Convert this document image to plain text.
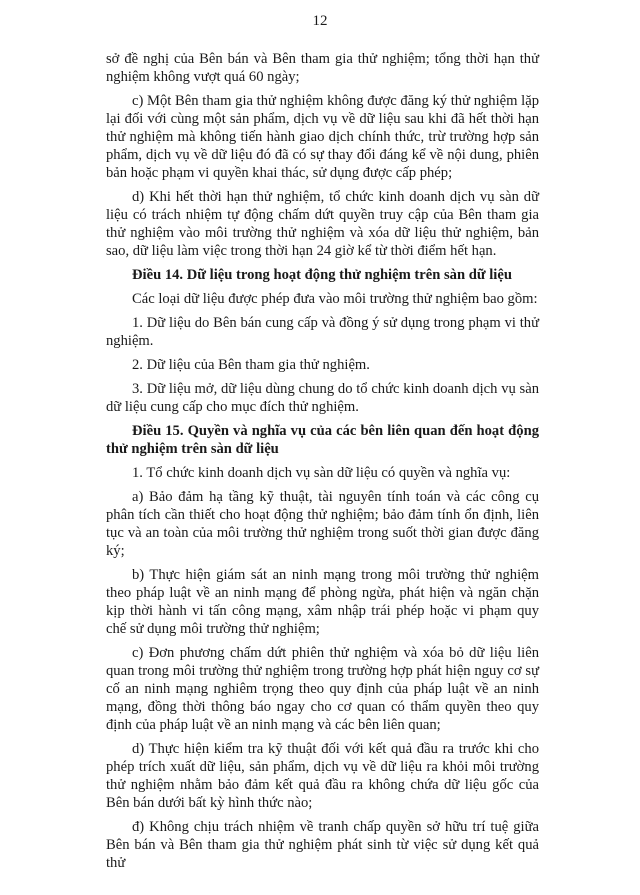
12

sở đề nghị của Bên bán và Bên tham gia thử nghiệm; tổng thời hạn thử nghiệm không vượt quá 60 ngày;

c) Một Bên tham gia thử nghiệm không được đăng ký thử nghiệm lặp lại đối với cùng một sản phẩm, dịch vụ về dữ liệu sau khi đã hết thời hạn thử nghiệm mà không tiến hành giao dịch chính thức, trừ trường hợp sản phẩm, dịch vụ về dữ liệu đó đã có sự thay đổi đáng kể về nội dung, phiên bản hoặc phạm vi quyền khai thác, sử dụng được cấp phép;

d) Khi hết thời hạn thử nghiệm, tổ chức kinh doanh dịch vụ sàn dữ liệu có trách nhiệm tự động chấm dứt quyền truy cập của Bên tham gia thử nghiệm vào môi trường thử nghiệm và xóa dữ liệu thử nghiệm, bản sao, dữ liệu làm việc trong thời hạn 24 giờ kể từ thời điểm hết hạn.

Điều 14. Dữ liệu trong hoạt động thử nghiệm trên sàn dữ liệu

Các loại dữ liệu được phép đưa vào môi trường thử nghiệm bao gồm:

1. Dữ liệu do Bên bán cung cấp và đồng ý sử dụng trong phạm vi thử nghiệm.

2. Dữ liệu của Bên tham gia thử nghiệm.

3. Dữ liệu mở, dữ liệu dùng chung do tổ chức kinh doanh dịch vụ sàn dữ liệu cung cấp cho mục đích thử nghiệm.

Điều 15. Quyền và nghĩa vụ của các bên liên quan đến hoạt động thử nghiệm trên sàn dữ liệu

1. Tổ chức kinh doanh dịch vụ sàn dữ liệu có quyền và nghĩa vụ:

a) Bảo đảm hạ tầng kỹ thuật, tài nguyên tính toán và các công cụ phân tích cần thiết cho hoạt động thử nghiệm; bảo đảm tính ổn định, liên tục và an toàn của môi trường thử nghiệm trong suốt thời gian được đăng ký;

b) Thực hiện giám sát an ninh mạng trong môi trường thử nghiệm theo pháp luật về an ninh mạng để phòng ngừa, phát hiện và ngăn chặn kịp thời hành vi tấn công mạng, xâm nhập trái phép hoặc vi phạm quy chế sử dụng môi trường thử nghiệm;

c) Đơn phương chấm dứt phiên thử nghiệm và xóa bỏ dữ liệu liên quan trong môi trường thử nghiệm trong trường hợp phát hiện nguy cơ sự cố an ninh mạng nghiêm trọng theo quy định của pháp luật về an ninh mạng, đồng thời thông báo ngay cho cơ quan có thẩm quyền theo quy định của pháp luật về an ninh mạng và các bên liên quan;

d) Thực hiện kiểm tra kỹ thuật đối với kết quả đầu ra trước khi cho phép trích xuất dữ liệu, sản phẩm, dịch vụ về dữ liệu ra khỏi môi trường thử nghiệm nhằm bảo đảm kết quả đầu ra không chứa dữ liệu gốc của Bên bán dưới bất kỳ hình thức nào;

đ) Không chịu trách nhiệm về tranh chấp quyền sở hữu trí tuệ giữa Bên bán và Bên tham gia thử nghiệm phát sinh từ việc sử dụng kết quả thử
